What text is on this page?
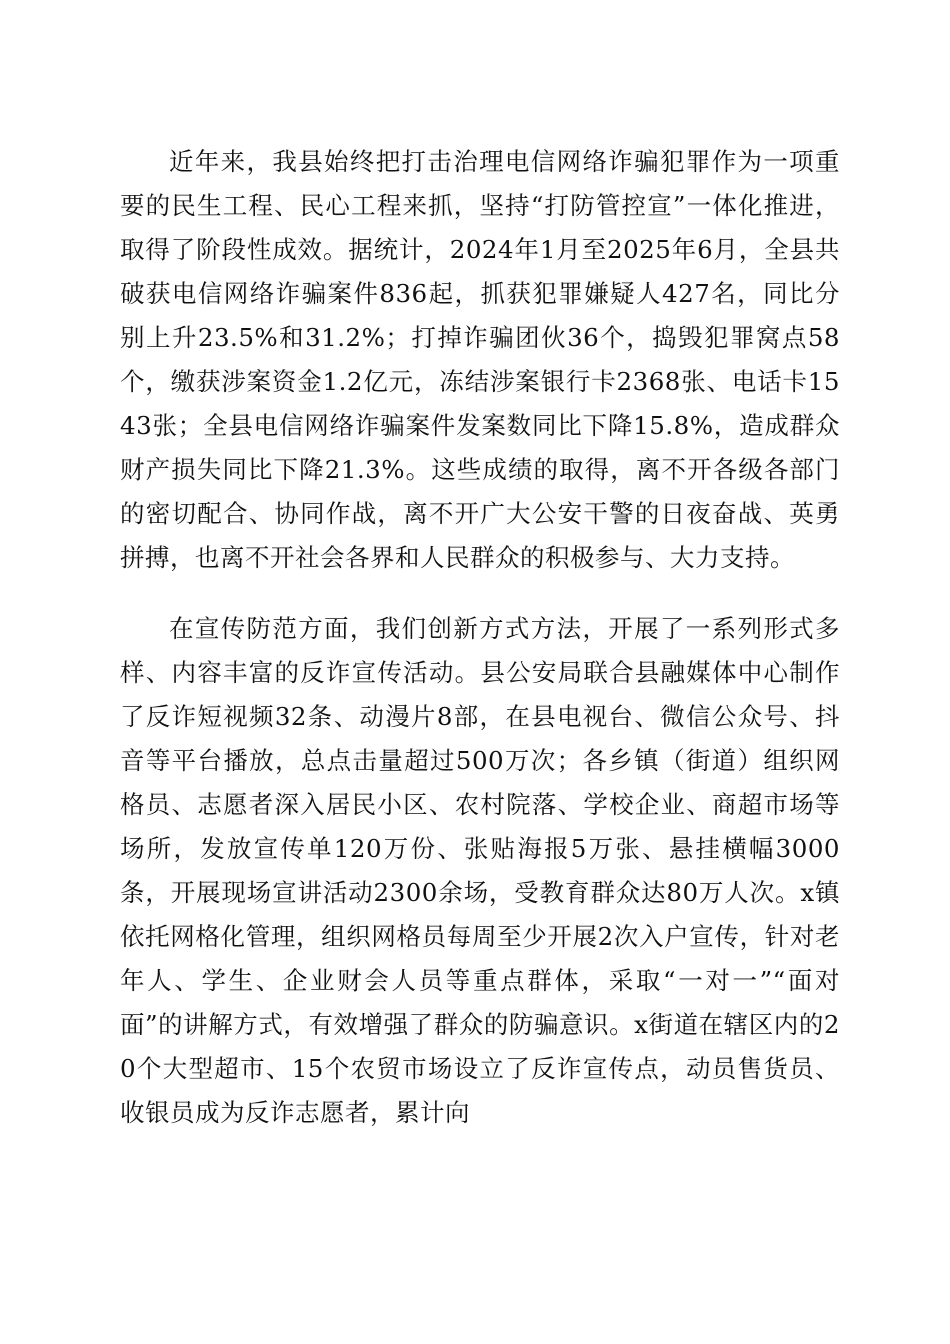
近年来，我县始终把打击治理电信网络诈骗犯罪作为一项重要的民生工程、民心工程来抓，坚持“打防管控宣”一体化推进，取得了阶段性成效。据统计，2024年1月至2025年6月，全县共破获电信网络诈骗案件836起，抓获犯罪嫌疑人427名，同比分别上升23.5%和31.2%；打掉诈骗团伙36个，捣毁犯罪窝点58个，缴获涉案资金1.2亿元，冻结涉案银行卡2368张、电话卡1543张；全县电信网络诈骗案件发案数同比下降15.8%，造成群众财产损失同比下降21.3%。这些成绩的取得，离不开各级各部门的密切配合、协同作战，离不开广大公安干警的日夜奋战、英勇拼搏，也离不开社会各界和人民群众的积极参与、大力支持。

在宣传防范方面，我们创新方式方法，开展了一系列形式多样、内容丰富的反诈宣传活动。县公安局联合县融媒体中心制作了反诈短视频32条、动漫片8部，在县电视台、微信公众号、抖音等平台播放，总点击量超过500万次；各乡镇（街道）组织网格员、志愿者深入居民小区、农村院落、学校企业、商超市场等场所，发放宣传单120万份、张贴海报5万张、悬挂横幅3000条，开展现场宣讲活动2300余场，受教育群众达80万人次。x镇依托网格化管理，组织网格员每周至少开展2次入户宣传，针对老年人、学生、企业财会人员等重点群体，采取“一对一”“面对面”的讲解方式，有效增强了群众的防骗意识。x街道在辖区内的20个大型超市、15个农贸市场设立了反诈宣传点，动员售货员、收银员成为反诈志愿者，累计向
